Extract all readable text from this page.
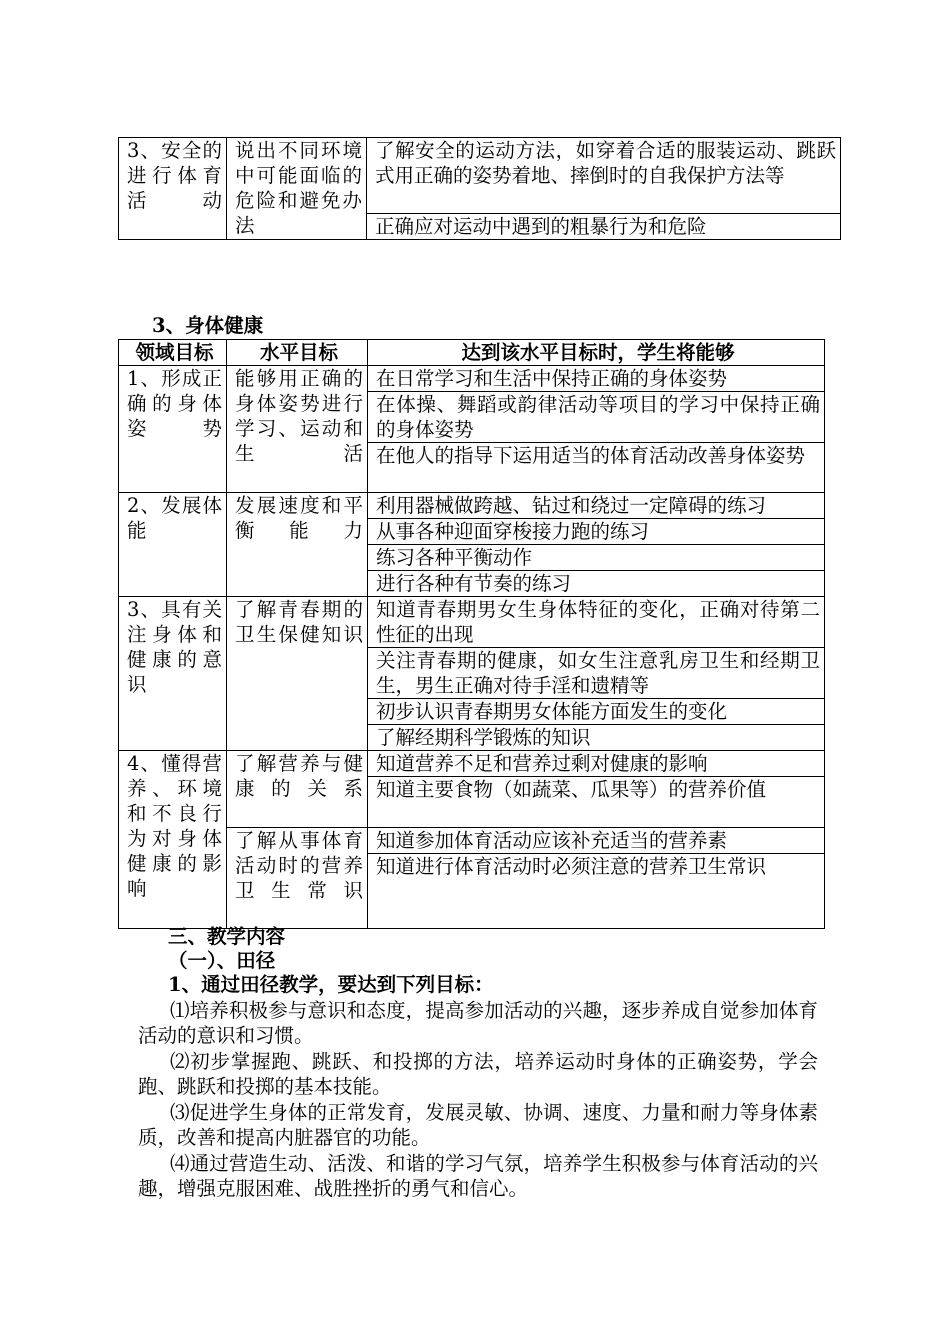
3、安全的进行体育活动	说出不同环境中可能面临的危险和避免办法	了解安全的运动方法，如穿着合适的服装运动、跳跃式用正确的姿势着地、摔倒时的自我保护方法等
正确应对运动中遇到的粗暴行为和危险
3、身体健康
领域目标	水平目标	达到该水平目标时，学生将能够
1、形成正确的身体姿势	能够用正确的身体姿势进行学习、运动和生活	在日常学习和生活中保持正确的身体姿势
		在体操、舞蹈或韵律活动等项目的学习中保持正确的身体姿势
		在他人的指导下运用适当的体育活动改善身体姿势
2、发展体能	发展速度和平衡能力	利用器械做跨越、钻过和绕过一定障碍的练习
		从事各种迎面穿梭接力跑的练习
		练习各种平衡动作
		进行各种有节奏的练习
3、具有关注身体和健康的意识	了解青春期的卫生保健知识	知道青春期男女生身体特征的变化，正确对待第二性征的出现
		关注青春期的健康，如女生注意乳房卫生和经期卫生，男生正确对待手淫和遗精等
		初步认识青春期男女体能方面发生的变化
		了解经期科学锻炼的知识
4、懂得营养、环境和不良行为对身体健康的影响	了解营养与健康的关系	知道营养不足和营养过剩对健康的影响
		知道主要食物（如蔬菜、瓜果等）的营养价值
	了解从事体育活动时的营养卫生常识	知道参加体育活动应该补充适当的营养素
		知道进行体育活动时必须注意的营养卫生常识
三、教学内容
（一）、田径
1、通过田径教学，要达到下列目标：
⑴培养积极参与意识和态度，提高参加活动的兴趣，逐步养成自觉参加体育活动的意识和习惯。
⑵初步掌握跑、跳跃、和投掷的方法，培养运动时身体的正确姿势，学会跑、跳跃和投掷的基本技能。
⑶促进学生身体的正常发育，发展灵敏、协调、速度、力量和耐力等身体素质，改善和提高内脏器官的功能。
⑷通过营造生动、活泼、和谐的学习气氛，培养学生积极参与体育活动的兴趣，增强克服困难、战胜挫折的勇气和信心。
